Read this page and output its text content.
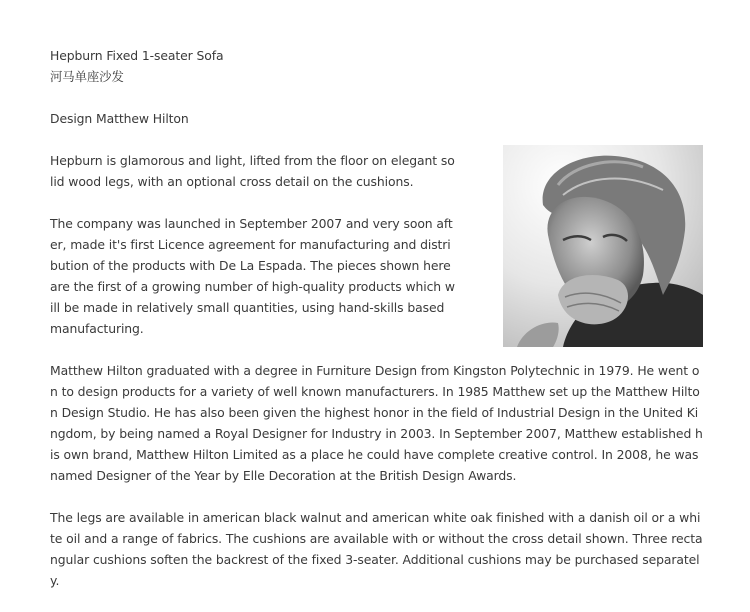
Hepburn Fixed 1-seater Sofa

河马单座沙发

Design Matthew Hilton

Hepburn is glamorous and light, lifted from the floor on elegant solid wood legs, with an optional cross detail on the cushions.

The company was launched in September 2007 and very soon after, made it's first Licence agreement for manufacturing and distribution of the products with De La Espada. The pieces shown here are the first of a growing number of high-quality products which will be made in relatively small quantities, using hand-skills based manufacturing.

Matthew Hilton graduated with a degree in Furniture Design from Kingston Polytechnic in 1979. He went on to design products for a variety of well known manufacturers. In 1985 Matthew set up the Matthew Hilton Design Studio. He has also been given the highest honor in the field of Industrial Design in the United Kingdom, by being named a Royal Designer for Industry in 2003. In September 2007, Matthew established his own brand, Matthew Hilton Limited as a place he could have complete creative control. In 2008, he was named Designer of the Year by Elle Decoration at the British Design Awards.

The legs are available in american black walnut and american white oak finished with a danish oil or a white oil and a range of fabrics. The cushions are available with or without the cross detail shown. Three rectangular cushions soften the backrest of the fixed 3-seater. Additional cushions may be purchased separately.
